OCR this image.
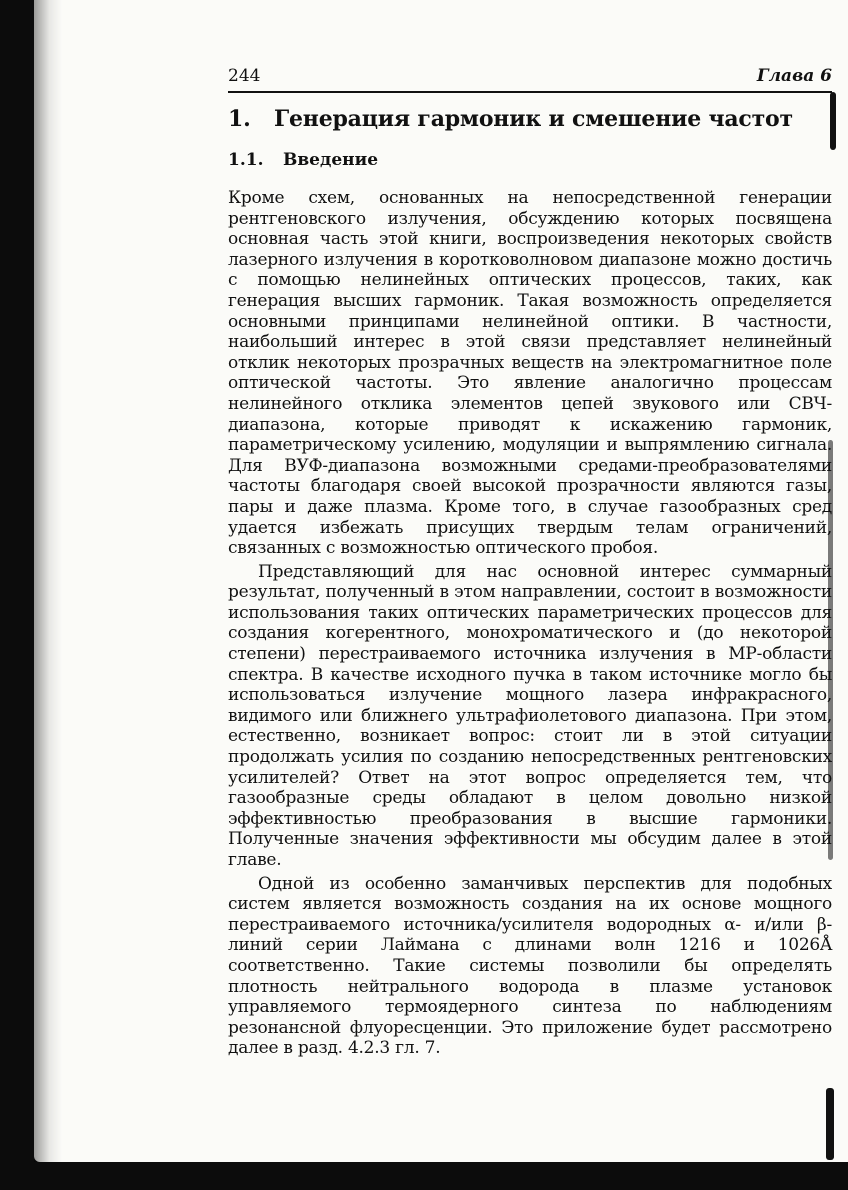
244	Глава 6
1. Генерация гармоник и смешение частот
1.1. Введение

Кроме схем, основанных на непосредственной генерации рентгеновского излучения, обсуждению которых посвящена основная часть этой книги, воспроизведения некоторых свойств лазерного излучения в коротковолновом диапазоне можно достичь с помощью нелинейных оптических процессов, таких, как генерация высших гармоник. Такая возможность определяется основными принципами нелинейной оптики. В частности, наибольший интерес в этой связи представляет нелинейный отклик некоторых прозрачных веществ на электромагнитное поле оптической частоты. Это явление аналогично процессам нелинейного отклика элементов цепей звукового или СВЧ-диапазона, которые приводят к искажению гармоник, параметрическому усилению, модуляции и выпрямлению сигнала. Для ВУФ-диапазона возможными средами-преобразователями частоты благодаря своей высокой прозрачности являются газы, пары и даже плазма. Кроме того, в случае газообразных сред удается избежать присущих твердым телам ограничений, связанных с возможностью оптического пробоя.

Представляющий для нас основной интерес суммарный результат, полученный в этом направлении, состоит в возможности использования таких оптических параметрических процессов для создания когерентного, монохроматического и (до некоторой степени) перестраиваемого источника излучения в МР-области спектра. В качестве исходного пучка в таком источнике могло бы использоваться излучение мощного лазера инфракрасного, видимого или ближнего ультрафиолетового диапазона. При этом, естественно, возникает вопрос: стоит ли в этой ситуации продолжать усилия по созданию непосредственных рентгеновских усилителей? Ответ на этот вопрос определяется тем, что газообразные среды обладают в целом довольно низкой эффективностью преобразования в высшие гармоники. Полученные значения эффективности мы обсудим далее в этой главе.

Одной из особенно заманчивых перспектив для подобных систем является возможность создания на их основе мощного перестраиваемого источника/усилителя водородных α- и/или β-линий серии Лаймана с длинами волн 1216 и 1026Å соответственно. Такие системы позволили бы определять плотность нейтрального водорода в плазме установок управляемого термоядерного синтеза по наблюдениям резонансной флуоресценции. Это приложение будет рассмотрено далее в разд. 4.2.3 гл. 7.
